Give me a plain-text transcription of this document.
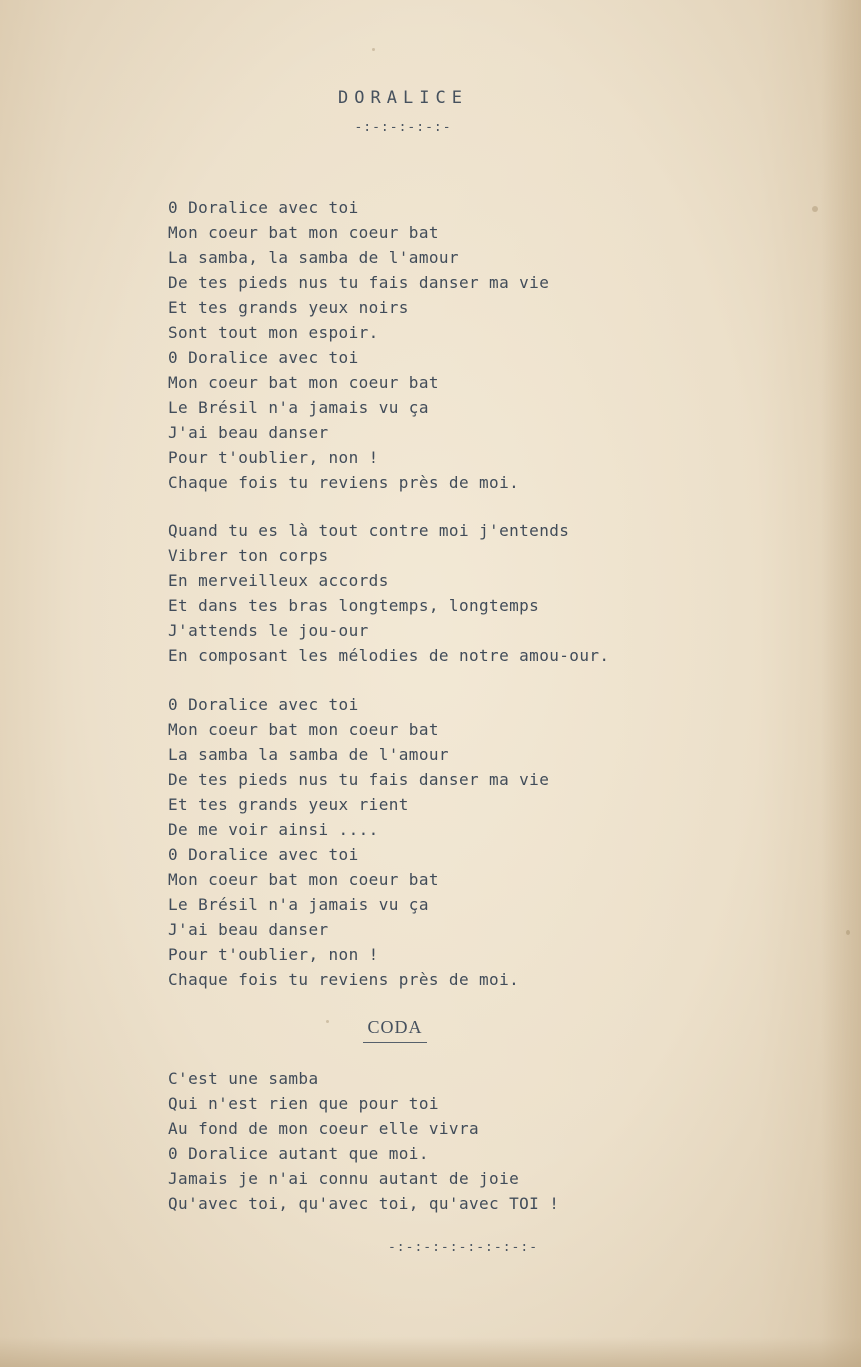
DORALICE
-:-:-:-:-:-
0 Doralice avec toi
Mon coeur bat mon coeur bat
La samba, la samba de l'amour
De tes pieds nus tu fais danser ma vie
Et tes grands yeux noirs
Sont tout mon espoir.
0 Doralice avec toi
Mon coeur bat mon coeur bat
Le Brésil n'a jamais vu ça
J'ai beau danser
Pour t'oublier, non !
Chaque fois tu reviens près de moi.
Quand tu es là tout contre moi j'entends
Vibrer ton corps
En merveilleux accords
Et dans tes bras longtemps, longtemps
J'attends le jou-our
En composant les mélodies de notre amou-our.
0 Doralice avec toi
Mon coeur bat mon coeur bat
La samba la samba de l'amour
De tes pieds nus tu fais danser ma vie
Et tes grands yeux rient
De me voir ainsi ....
0 Doralice avec toi
Mon coeur bat mon coeur bat
Le Brésil n'a jamais vu ça
J'ai beau danser
Pour t'oublier, non !
Chaque fois tu reviens près de moi.
CODA
C'est une samba
Qui n'est rien que pour toi
Au fond de mon coeur elle vivra
0 Doralice autant que moi.
Jamais je n'ai connu autant de joie
Qu'avec toi, qu'avec toi, qu'avec TOI !
-:-:-:-:-:-:-:-:-
